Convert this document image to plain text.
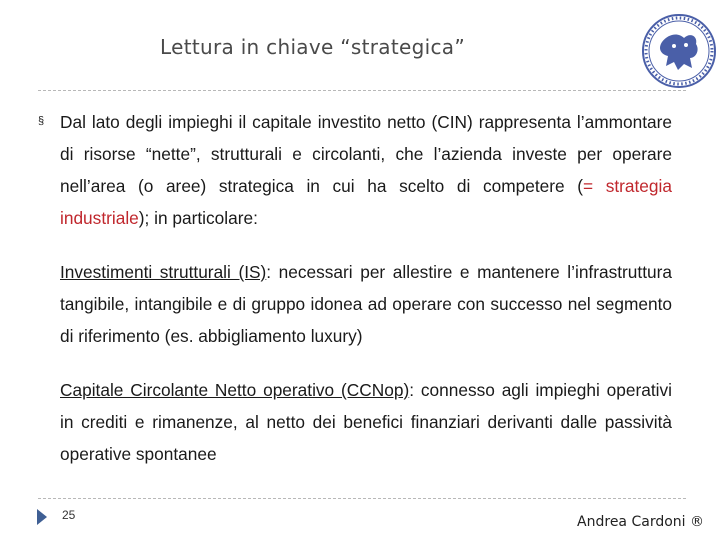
Lettura in chiave “strategica”
§ Dal lato degli impieghi il capitale investito netto (CIN) rappresenta l’ammontare di risorse “nette”, strutturali e circolanti, che l’azienda investe per operare nell’area (o aree) strategica in cui ha scelto di competere (= strategia industriale); in particolare:

Investimenti strutturali (IS): necessari per allestire e mantenere l’infrastruttura tangibile, intangibile e di gruppo idonea ad operare con successo nel segmento di riferimento (es. abbigliamento luxury)

Capitale Circolante Netto operativo (CCNop): connesso agli impieghi operativi in crediti e rimanenze, al netto dei benefici finanziari derivanti dalle passività operative spontanee

25	Andrea Cardoni ®
